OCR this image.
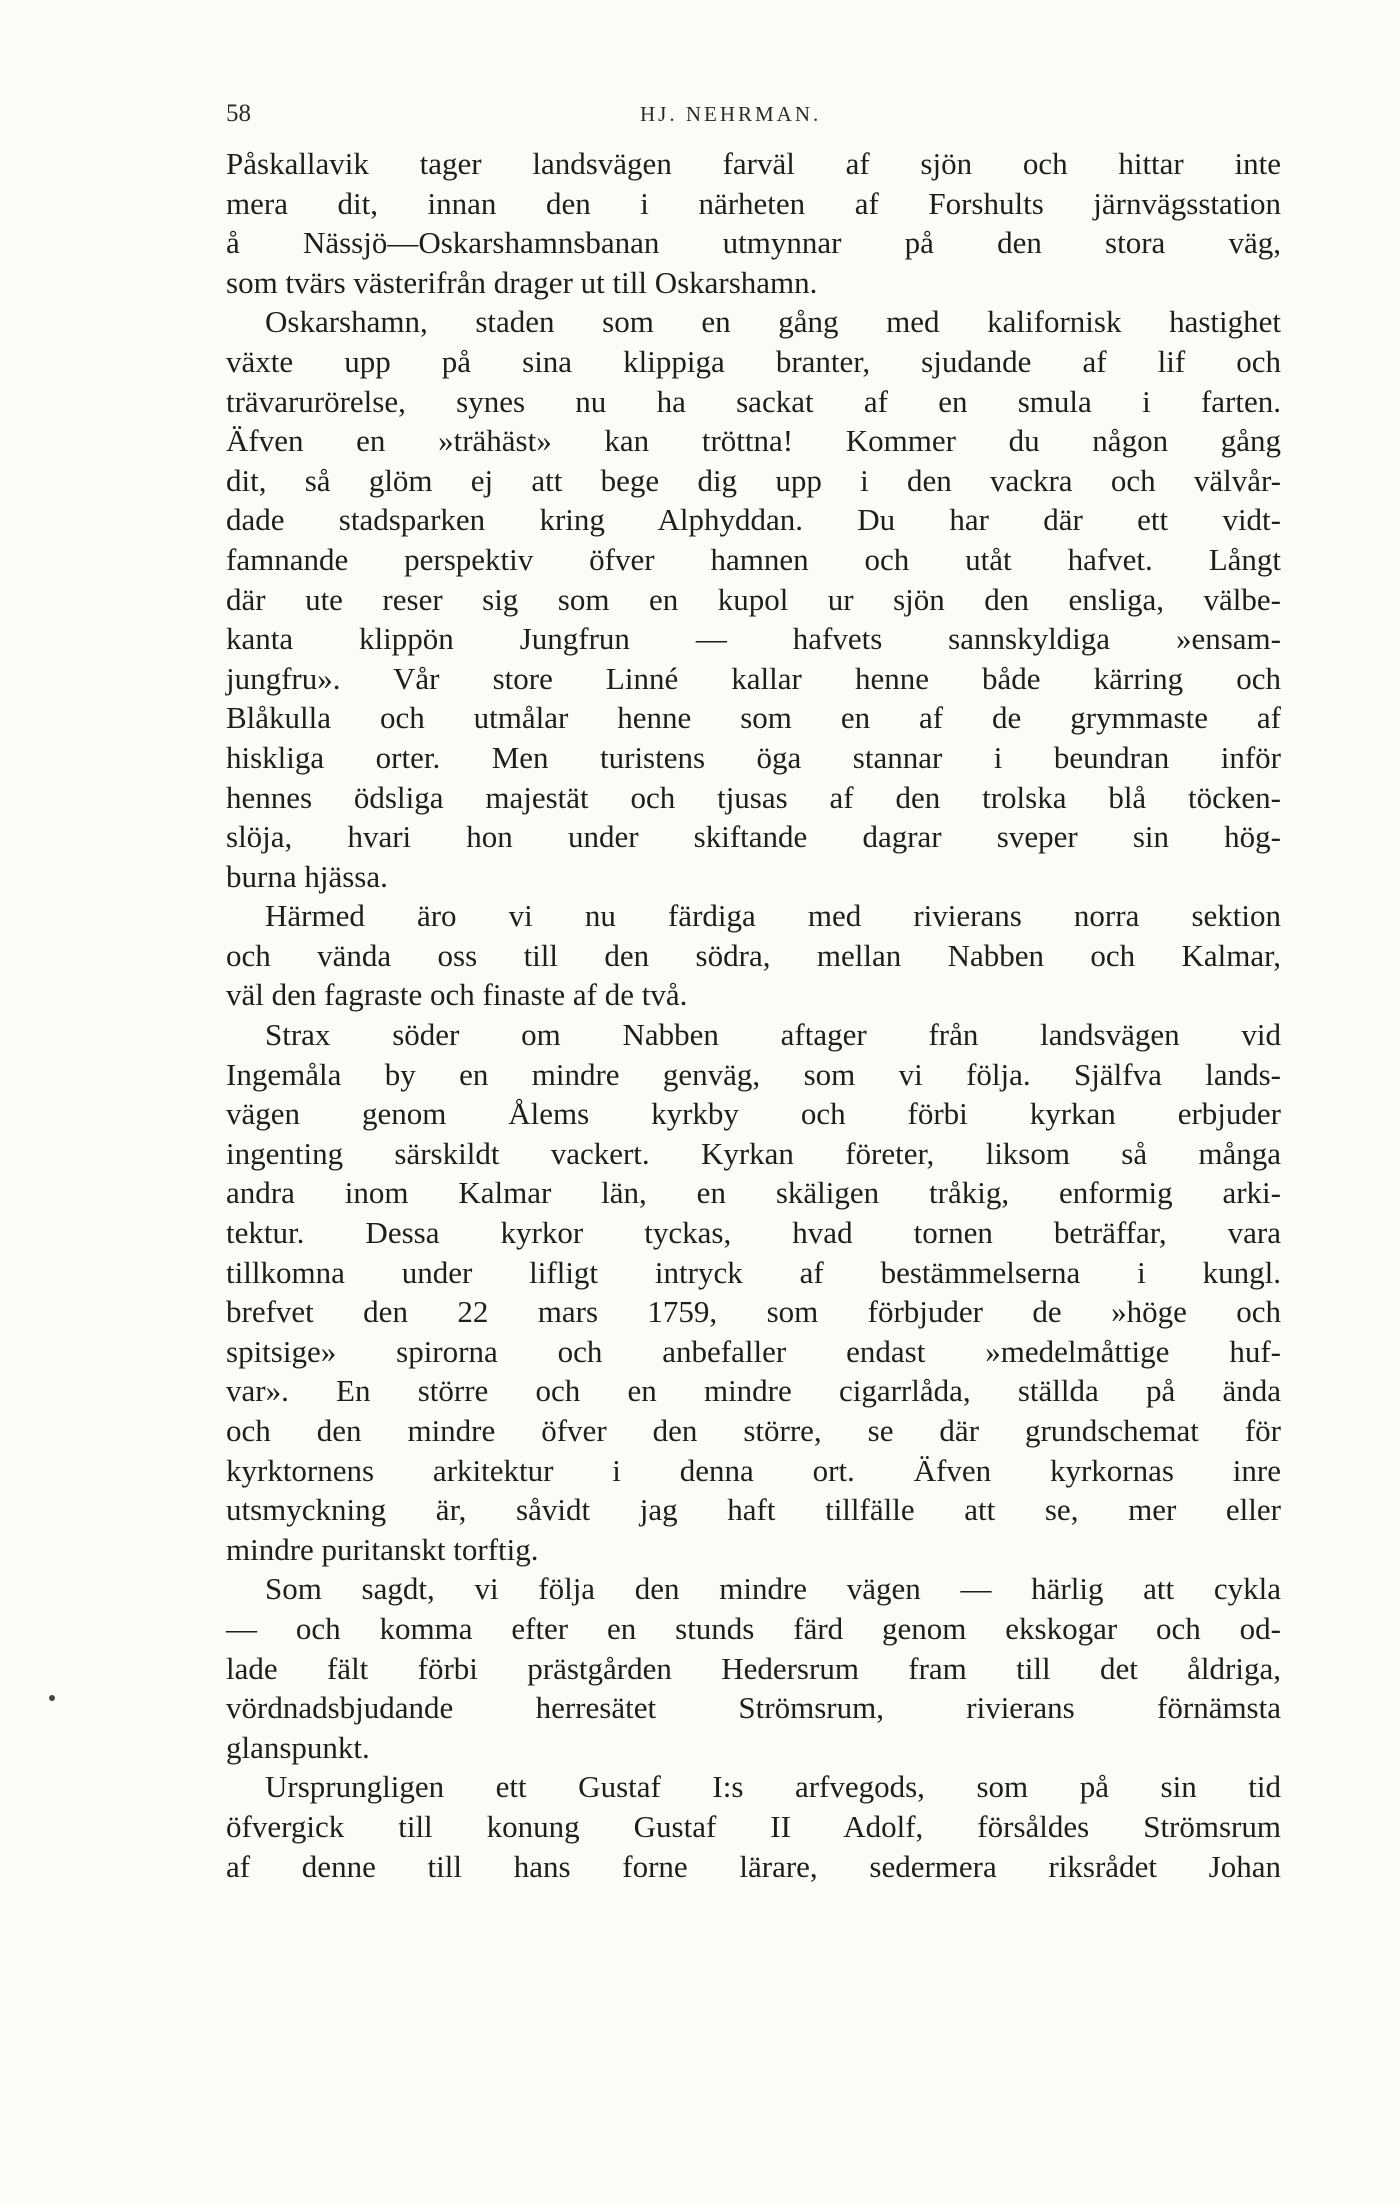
58	HJ. NEHRMAN.
Påskallavik tager landsvägen farväl af sjön och hittar inte
mera dit, innan den i närheten af Forshults järnvägsstation
å Nässjö—Oskarshamnsbanan utmynnar på den stora väg,
som tvärs västerifrån drager ut till Oskarshamn.
Oskarshamn, staden som en gång med kalifornisk hastighet
växte upp på sina klippiga branter, sjudande af lif och
trävarurörelse, synes nu ha sackat af en smula i farten.
Äfven en »trähäst» kan tröttna! Kommer du någon gång
dit, så glöm ej att bege dig upp i den vackra och välvår-
dade stadsparken kring Alphyddan. Du har där ett vidt-
famnande perspektiv öfver hamnen och utåt hafvet. Långt
där ute reser sig som en kupol ur sjön den ensliga, välbe-
kanta klippön Jungfrun — hafvets sannskyldiga »ensam-
jungfru». Vår store Linné kallar henne både kärring och
Blåkulla och utmålar henne som en af de grymmaste af
hiskliga orter. Men turistens öga stannar i beundran inför
hennes ödsliga majestät och tjusas af den trolska blå töcken-
slöja, hvari hon under skiftande dagrar sveper sin hög-
burna hjässa.
Härmed äro vi nu färdiga med rivierans norra sektion
och vända oss till den södra, mellan Nabben och Kalmar,
väl den fagraste och finaste af de två.
Strax söder om Nabben aftager från landsvägen vid
Ingemåla by en mindre genväg, som vi följa. Själfva lands-
vägen genom Ålems kyrkby och förbi kyrkan erbjuder
ingenting särskildt vackert. Kyrkan företer, liksom så många
andra inom Kalmar län, en skäligen tråkig, enformig arki-
tektur. Dessa kyrkor tyckas, hvad tornen beträffar, vara
tillkomna under lifligt intryck af bestämmelserna i kungl.
brefvet den 22 mars 1759, som förbjuder de »höge och
spitsige» spirorna och anbefaller endast »medelmåttige huf-
var». En större och en mindre cigarrlåda, ställda på ända
och den mindre öfver den större, se där grundschemat för
kyrktornens arkitektur i denna ort. Äfven kyrkornas inre
utsmyckning är, såvidt jag haft tillfälle att se, mer eller
mindre puritanskt torftig.
Som sagdt, vi följa den mindre vägen — härlig att cykla
— och komma efter en stunds färd genom ekskogar och od-
lade fält förbi prästgården Hedersrum fram till det åldriga,
vördnadsbjudande herresätet Strömsrum, rivierans förnämsta
glanspunkt.
Ursprungligen ett Gustaf I:s arfvegods, som på sin tid
öfvergick till konung Gustaf II Adolf, försåldes Strömsrum
af denne till hans forne lärare, sedermera riksrådet Johan
